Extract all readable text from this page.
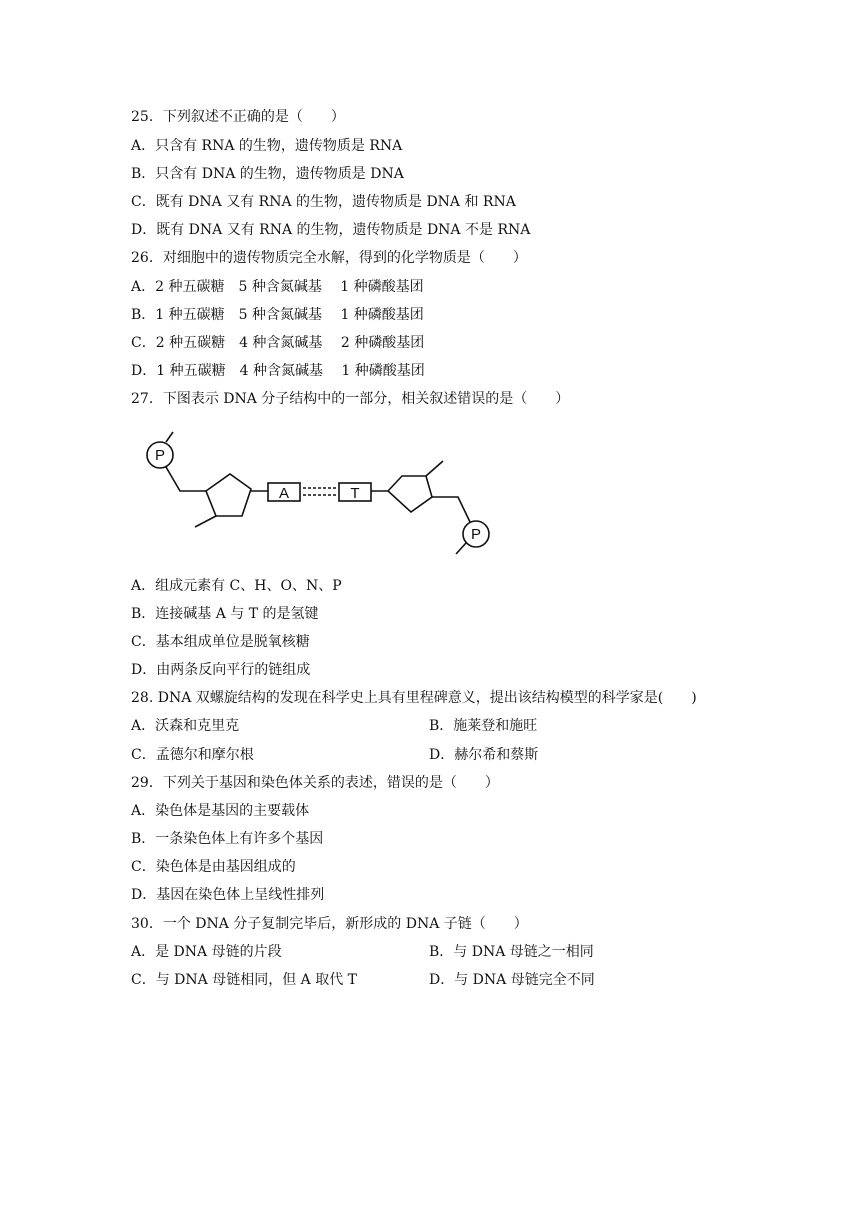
25．下列叙述不正确的是（　　）
A．只含有 RNA 的生物，遗传物质是 RNA
B．只含有 DNA 的生物，遗传物质是 DNA
C．既有 DNA 又有 RNA 的生物，遗传物质是 DNA 和 RNA
D．既有 DNA 又有 RNA 的生物，遗传物质是 DNA 不是 RNA
26．对细胞中的遗传物质完全水解，得到的化学物质是（　　）
A．2 种五碳糖　5 种含氮碱基　 1 种磷酸基团
B．1 种五碳糖　5 种含氮碱基　 1 种磷酸基团
C．2 种五碳糖　4 种含氮碱基　 2 种磷酸基团
D．1 种五碳糖　4 种含氮碱基　 1 种磷酸基团
27．下图表示 DNA 分子结构中的一部分，相关叙述错误的是（　　）
P
A	T
P
A．组成元素有 C、H、O、N、P
B．连接碱基 A 与 T 的是氢键
C．基本组成单位是脱氧核糖
D．由两条反向平行的链组成
28. DNA 双螺旋结构的发现在科学史上具有里程碑意义，提出该结构模型的科学家是(　　)
A．沃森和克里克	B．施莱登和施旺
C．孟德尔和摩尔根	D．赫尔希和蔡斯
29．下列关于基因和染色体关系的表述，错误的是（　　）
A．染色体是基因的主要载体
B．一条染色体上有许多个基因
C．染色体是由基因组成的
D．基因在染色体上呈线性排列
30．一个 DNA 分子复制完毕后，新形成的 DNA 子链（　　）
A．是 DNA 母链的片段	B．与 DNA 母链之一相同
C．与 DNA 母链相同，但 A 取代 T	D．与 DNA 母链完全不同
